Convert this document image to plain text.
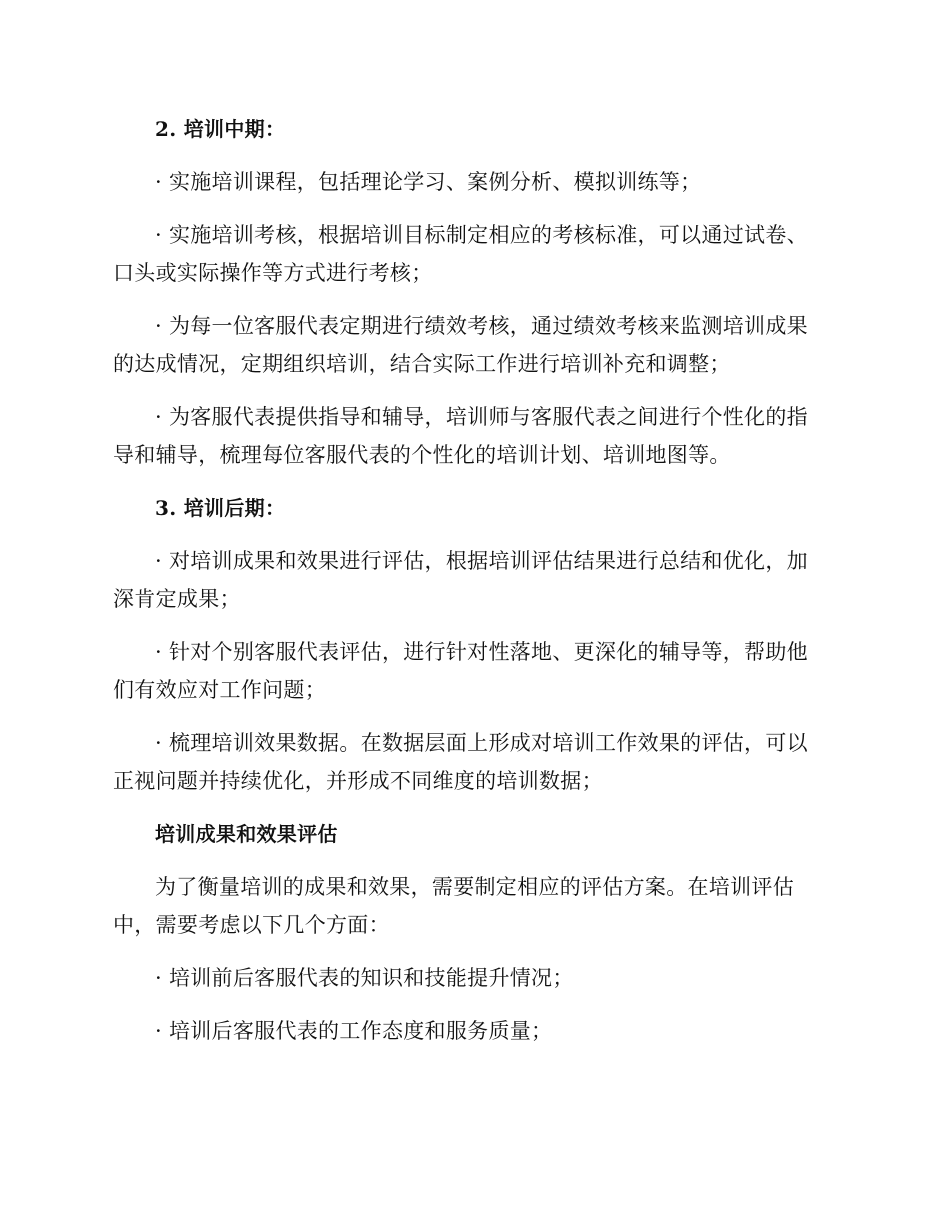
2. 培训中期：

· 实施培训课程，包括理论学习、案例分析、模拟训练等；

· 实施培训考核，根据培训目标制定相应的考核标准，可以通过试卷、口头或实际操作等方式进行考核；

· 为每一位客服代表定期进行绩效考核，通过绩效考核来监测培训成果的达成情况，定期组织培训，结合实际工作进行培训补充和调整；

· 为客服代表提供指导和辅导，培训师与客服代表之间进行个性化的指导和辅导，梳理每位客服代表的个性化的培训计划、培训地图等。

3. 培训后期：

· 对培训成果和效果进行评估，根据培训评估结果进行总结和优化，加深肯定成果；

· 针对个别客服代表评估，进行针对性落地、更深化的辅导等，帮助他们有效应对工作问题；

· 梳理培训效果数据。在数据层面上形成对培训工作效果的评估，可以正视问题并持续优化，并形成不同维度的培训数据；

培训成果和效果评估

为了衡量培训的成果和效果，需要制定相应的评估方案。在培训评估中，需要考虑以下几个方面：

· 培训前后客服代表的知识和技能提升情况；

· 培训后客服代表的工作态度和服务质量；
